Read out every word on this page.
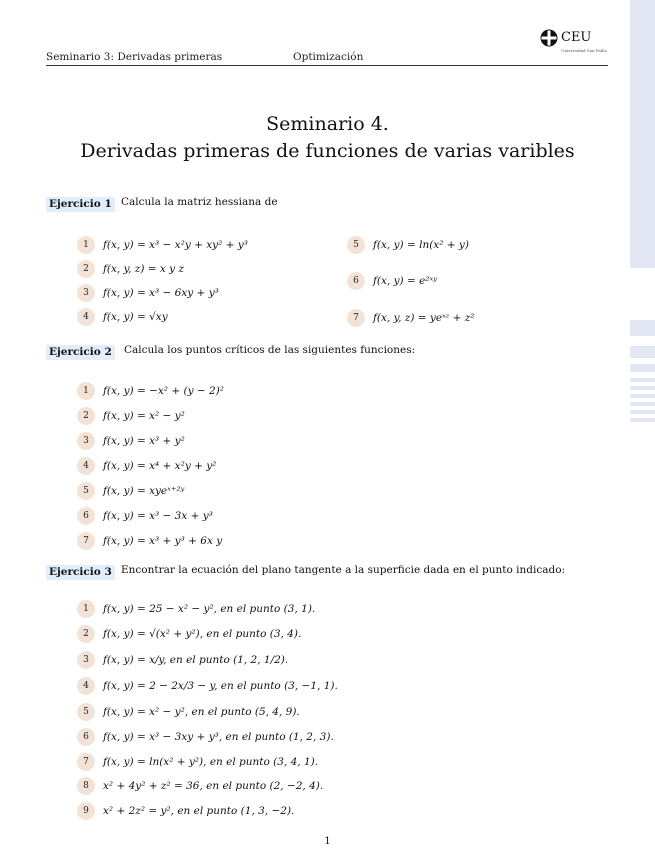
Seminario 3: Derivadas primeras	Optimización
CEU
Universidad San Pablo
Seminario 4.
Derivadas primeras de funciones de varias varibles
Ejercicio 1 Calcula la matriz hessiana de
1	f(x, y) = x³ − x²y + xy² + y³
2	f(x, y, z) = x y z
3	f(x, y) = x³ − 6xy + y³
4	f(x, y) = √xy
5	f(x, y) = ln(x² + y)
6	f(x, y) = e²ˣʸ
7	f(x, y, z) = yeˣᶻ + z²
Ejercicio 2 Calcula los puntos críticos de las siguientes funciones:
1	f(x, y) = −x² + (y − 2)²
2	f(x, y) = x² − y²
3	f(x, y) = x³ + y²
4	f(x, y) = x⁴ + x²y + y²
5	f(x, y) = xyeˣ⁺²ʸ
6	f(x, y) = x³ − 3x + y³
7	f(x, y) = x³ + y³ + 6x y
Ejercicio 3 Encontrar la ecuación del plano tangente a la superficie dada en el punto indicado:
1	f(x, y) = 25 − x² − y², en el punto (3, 1).
2	f(x, y) = √(x² + y²), en el punto (3, 4).
3	f(x, y) = x/y, en el punto (1, 2, 1/2).
4	f(x, y) = 2 − 2x/3 − y, en el punto (3, −1, 1).
5	f(x, y) = x² − y², en el punto (5, 4, 9).
6	f(x, y) = x³ − 3xy + y³, en el punto (1, 2, 3).
7	f(x, y) = ln(x² + y²), en el punto (3, 4, 1).
8	x² + 4y² + z² = 36, en el punto (2, −2, 4).
9	x² + 2z² = y², en el punto (1, 3, −2).
1
